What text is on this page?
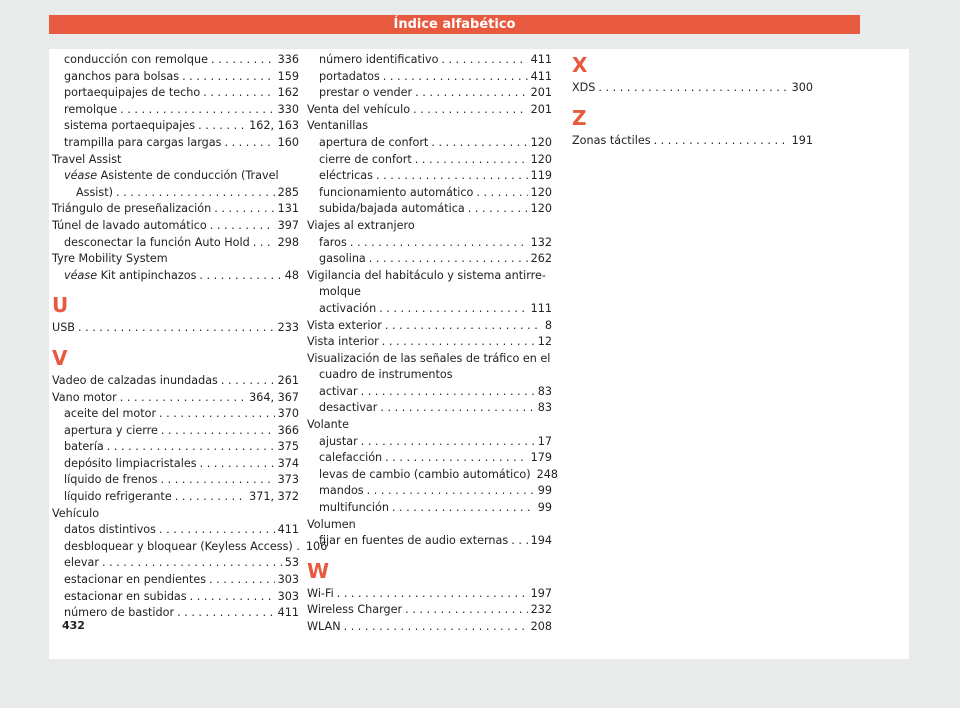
Índice alfabético
conducción con remolque . . .	336
ganchos para bolsas . . .	159
portaequipajes de techo . . .	162
remolque . . .	330
sistema portaequipajes . . .	162, 163
trampilla para cargas largas . . .	160
Travel Assist
véase Asistente de conducción (Travel
Assist) . . .	285
Triángulo de preseñalización . . .	131
Túnel de lavado automático . . .	397
desconectar la función Auto Hold . . . 298
Tyre Mobility System
véase Kit antipinchazos . . .	48
U
USB . . .	233
V
Vadeo de calzadas inundadas . . .	261
Vano motor . . .	364, 367
aceite del motor . . .	370
apertura y cierre . . .	366
batería . . .	375
depósito limpiacristales . . .	374
líquido de frenos . . .	373
líquido refrigerante . . .	371, 372
Vehículo
datos distintivos . . .	411
desbloquear y bloquear (Keyless Access) . 106
elevar . . .	53
estacionar en pendientes . . .	303
estacionar en subidas . . .	303
número de bastidor . . .	411
número identificativo . . .	411
portadatos . . .	411
prestar o vender . . .	201
Venta del vehículo . . .	201
Ventanillas
apertura de confort . . .	120
cierre de confort . . .	120
eléctricas . . .	119
funcionamiento automático . . .	120
subida/bajada automática . . .	120
Viajes al extranjero
faros . . .	132
gasolina . . .	262
Vigilancia del habitáculo y sistema antirre-
molque
activación . . .	111
Vista exterior . . .	8
Vista interior . . .	12
Visualización de las señales de tráfico en el
cuadro de instrumentos
activar . . .	83
desactivar . . .	83
Volante
ajustar . . .	17
calefacción . . .	179
levas de cambio (cambio automático) 248
mandos . . .	99
multifunción . . .	99
Volumen
fijar en fuentes de audio externas . . . 194
W
Wi-Fi . . .	197
Wireless Charger . . .	232
WLAN . . .	208
X
XDS . . .	300
Z
Zonas táctiles . . .	191
432
